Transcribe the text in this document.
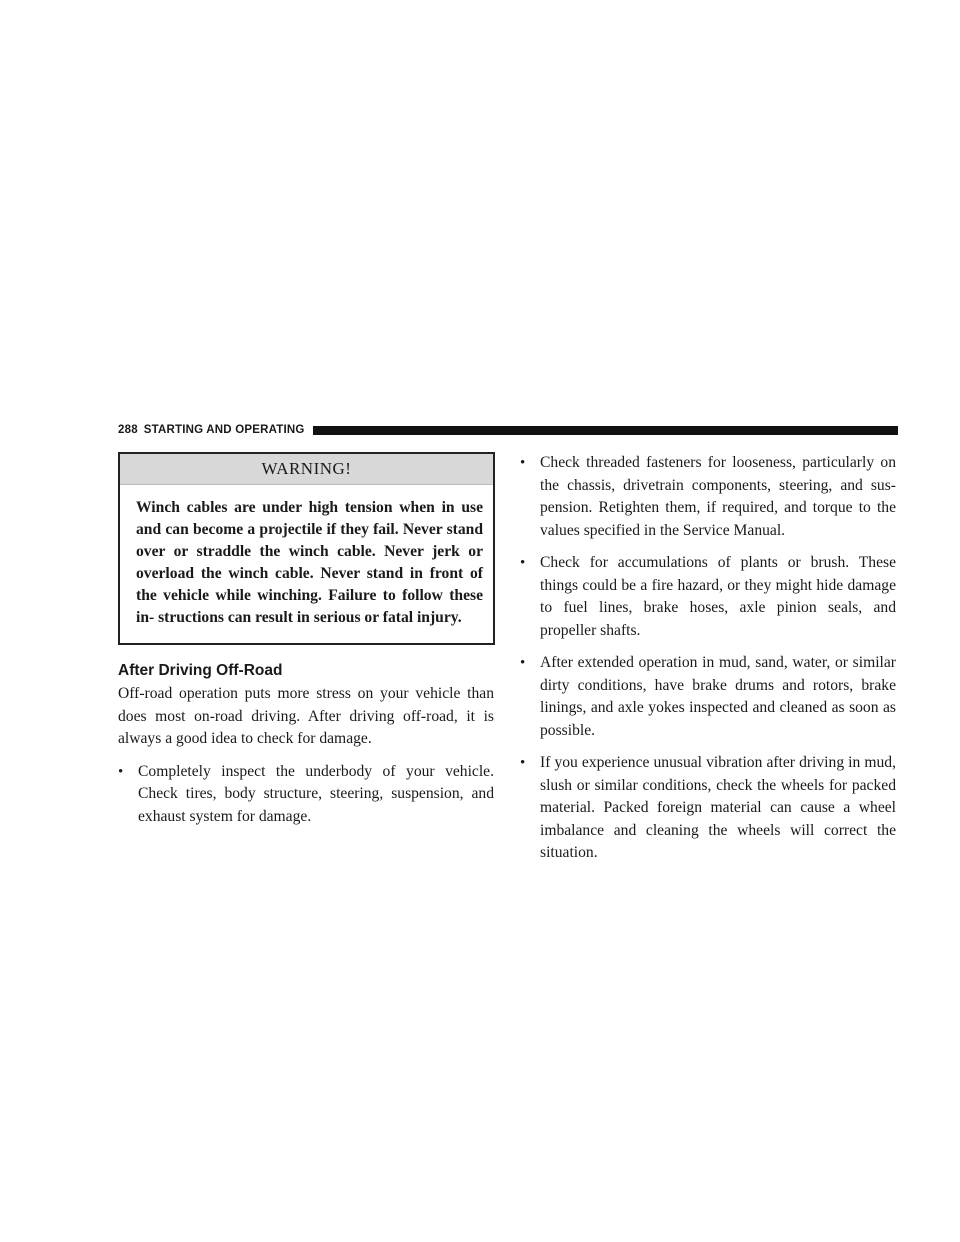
288 STARTING AND OPERATING
WARNING!
Winch cables are under high tension when in use and can become a projectile if they fail. Never stand over or straddle the winch cable. Never jerk or overload the winch cable. Never stand in front of the vehicle while winching. Failure to follow these in- structions can result in serious or fatal injury.
After Driving Off-Road

Off-road operation puts more stress on your vehicle than does most on-road driving. After driving off-road, it is always a good idea to check for damage.

• Completely inspect the underbody of your vehicle. Check tires, body structure, steering, suspension, and exhaust system for damage.
• Check threaded fasteners for looseness, particularly on the chassis, drivetrain components, steering, and sus- pension. Retighten them, if required, and torque to the values specified in the Service Manual.
• Check for accumulations of plants or brush. These things could be a fire hazard, or they might hide damage to fuel lines, brake hoses, axle pinion seals, and propeller shafts.
• After extended operation in mud, sand, water, or similar dirty conditions, have brake drums and rotors, brake linings, and axle yokes inspected and cleaned as soon as possible.
• If you experience unusual vibration after driving in mud, slush or similar conditions, check the wheels for packed material. Packed foreign material can cause a wheel imbalance and cleaning the wheels will correct the situation.
